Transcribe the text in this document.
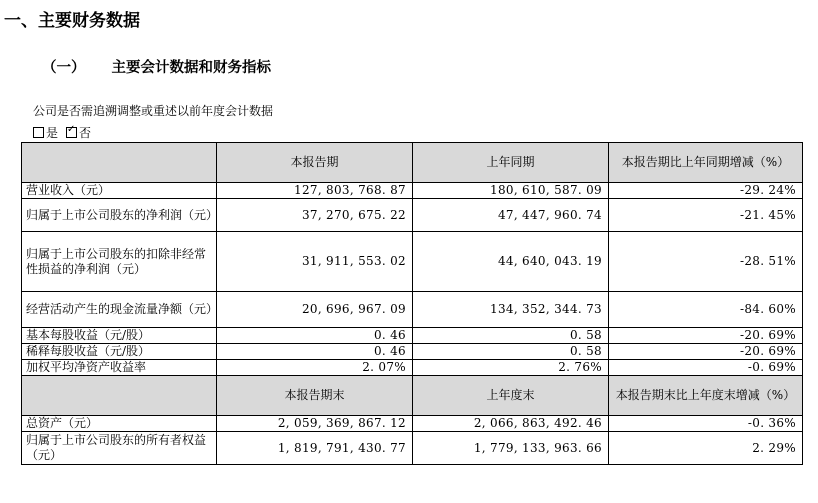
一、主要财务数据
（一） 主要会计数据和财务指标
公司是否需追溯调整或重述以前年度会计数据
是 ✓ 否
	本报告期	上年同期	本报告期比上年同期增减（%）
营业收入（元）	127, 803, 768. 87	180, 610, 587. 09	-29. 24%
归属于上市公司股东的净利润（元）	37, 270, 675. 22	47, 447, 960. 74	-21. 45%
归属于上市公司股东的扣除非经常性损益的净利润（元）	31, 911, 553. 02	44, 640, 043. 19	-28. 51%
经营活动产生的现金流量净额（元）	20, 696, 967. 09	134, 352, 344. 73	-84. 60%
基本每股收益（元/股）	0. 46	0. 58	-20. 69%
稀释每股收益（元/股）	0. 46	0. 58	-20. 69%
加权平均净资产收益率	2. 07%	2. 76%	-0. 69%
	本报告期末	上年度末	本报告期末比上年度末增减（%）
总资产（元）	2, 059, 369, 867. 12	2, 066, 863, 492. 46	-0. 36%
归属于上市公司股东的所有者权益（元）	1, 819, 791, 430. 77	1, 779, 133, 963. 66	2. 29%
